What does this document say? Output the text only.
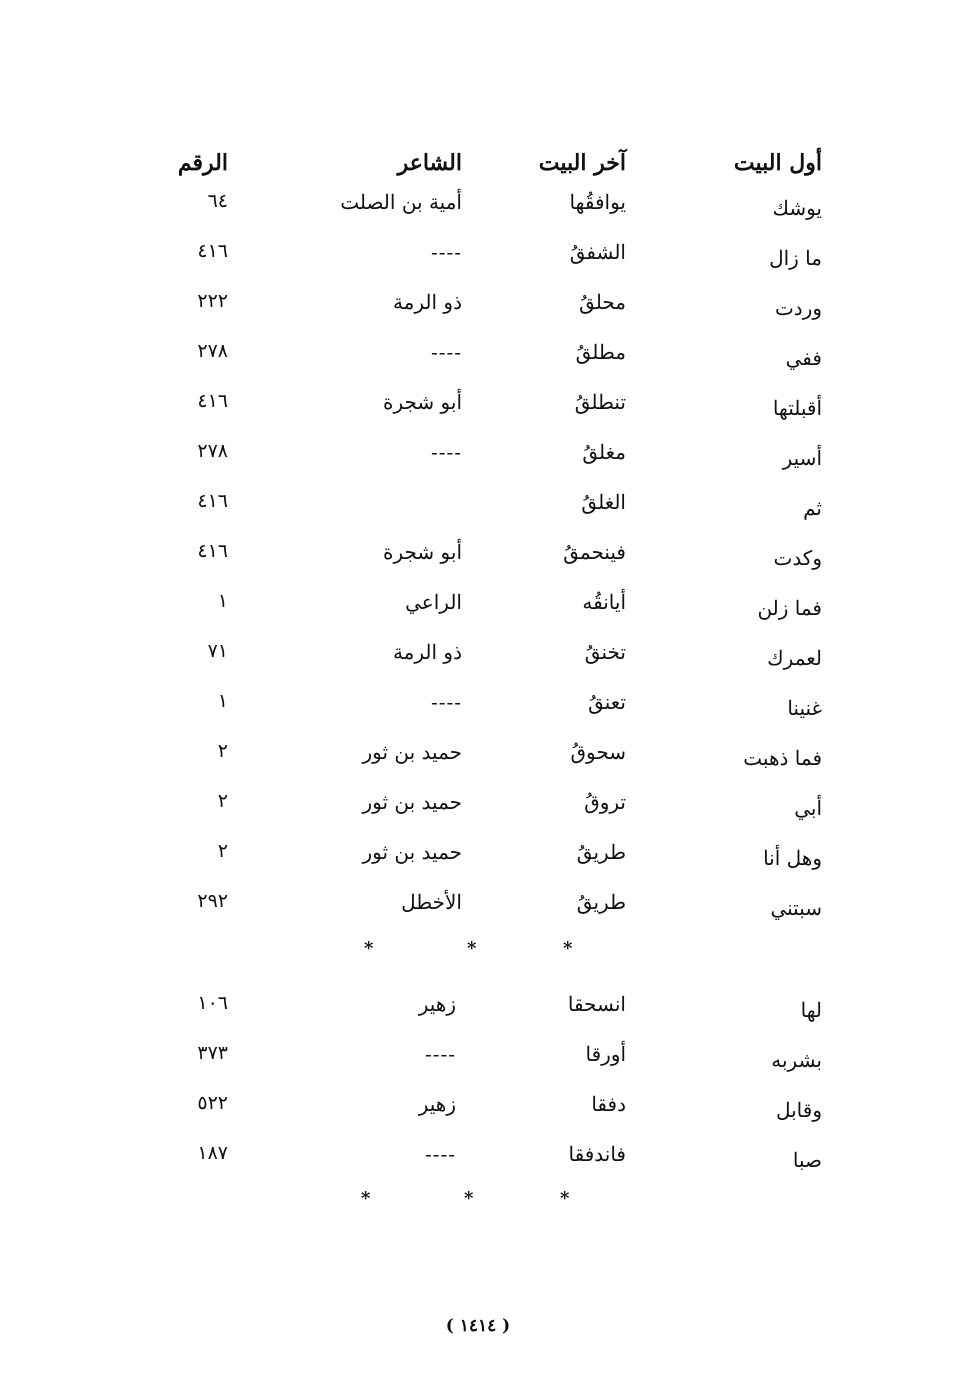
أول البيت
آخر البيت
الشاعر
الرقم
يوشك
يوافقُها
أمية بن الصلت
٦٤
ما زال
الشفقُ
----
٤١٦
وردت
محلقُ
ذو الرمة
٢٢٢
ففي
مطلقُ
----
٢٧٨
أقبلتها
تنطلقُ
أبو شجرة
٤١٦
أسير
مغلقُ
----
٢٧٨
ثم
الغلقُ
٤١٦
وكدت
فينحمقُ
أبو شجرة
٤١٦
فما زلن
أيانقُه
الراعي
١
لعمرك
تخنقُ
ذو الرمة
٧١
غنينا
تعنقُ
----
١
فما ذهبت
سحوقُ
حميد بن ثور
٢
أبي
تروقُ
حميد بن ثور
٢
وهل أنا
طريقُ
حميد بن ثور
٢
سبتني
طريقُ
الأخطل
٢٩٢
*
*
*
لها
انسحقا
زهير
١٠٦
بشربه
أورقا
----
٣٧٣
وقابل
دفقا
زهير
٥٢٢
صبا
فاندفقا
----
١٨٧
*
*
*
( ١٤١٤ )
